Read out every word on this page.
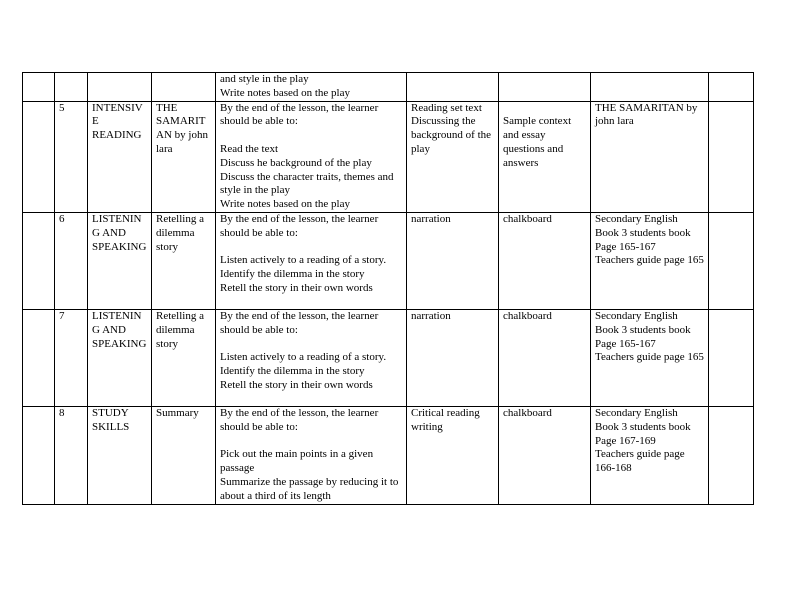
				and style in the play
Write notes based on the play				

	5	INTENSIVE READING	THE SAMARITAN by john lara	By the end of the lesson, the learner should be able to:
Read the text
Discuss he background of the play
Discuss the character traits, themes and style in the play
Write notes based on the play	Reading set text
Discussing the background of the play	Sample context and essay questions and answers	THE SAMARITAN by john lara	

	6	LISTENING AND SPEAKING	Retelling a dilemma story	By the end of the lesson, the learner should be able to:
Listen actively to a reading of a story.
Identify the dilemma in the story
Retell the story in their own words	narration	chalkboard	Secondary English Book 3 students book Page 165-167
Teachers guide page 165	

	7	LISTENING AND SPEAKING	Retelling a dilemma story	By the end of the lesson, the learner should be able to:
Listen actively to a reading of a story.
Identify the dilemma in the story
Retell the story in their own words	narration	chalkboard	Secondary English Book 3 students book Page 165-167
Teachers guide page 165	

	8	STUDY SKILLS	Summary	By the end of the lesson, the learner should be able to:
Pick out the main points in a given passage
Summarize the passage by reducing it to about a third of its length	Critical reading writing	chalkboard	Secondary English Book 3 students book Page 167-169
Teachers guide page 166-168	
